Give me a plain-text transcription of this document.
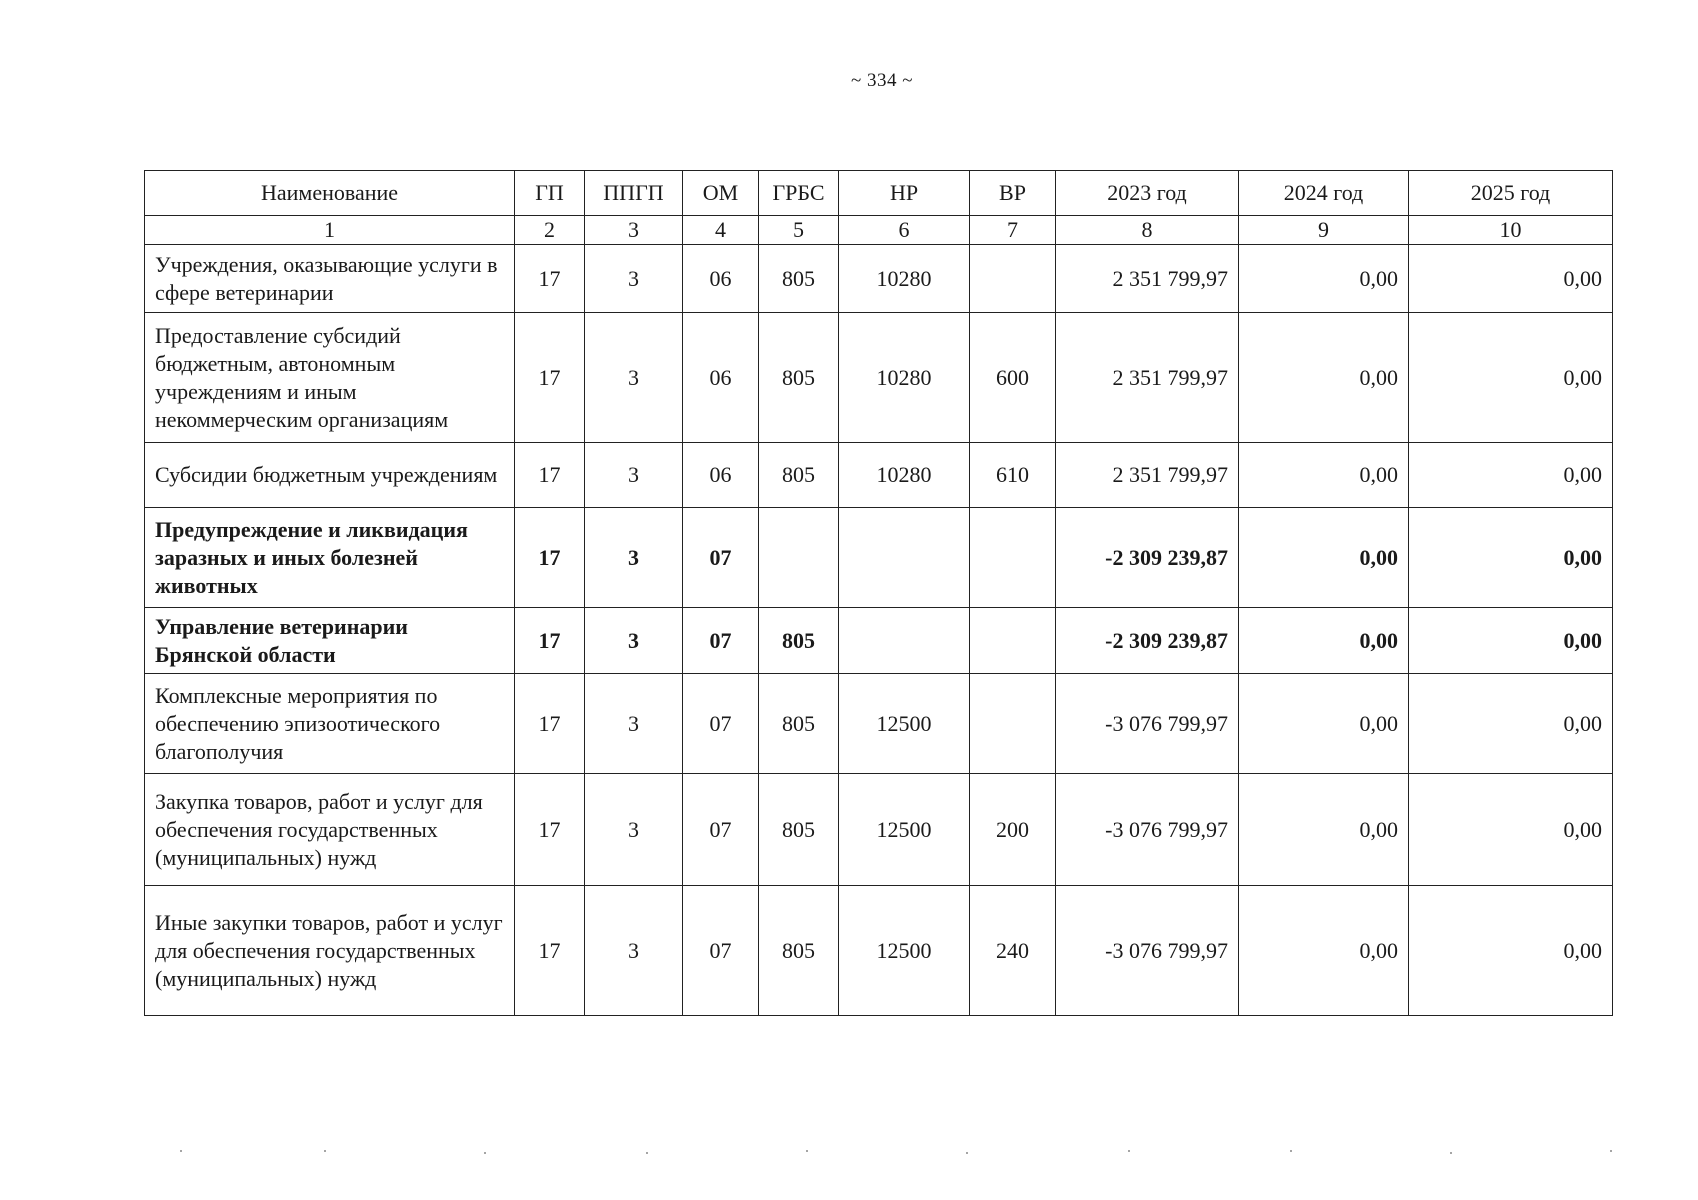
~ 334 ~
Наименование	ГП	ППГП	ОМ	ГРБС	НР	ВР	2023 год	2024 год	2025 год
1	2	3	4	5	6	7	8	9	10
Учреждения, оказывающие услуги в сфере ветеринарии	17	3	06	805	10280		2 351 799,97	0,00	0,00
Предоставление субсидий бюджетным, автономным учреждениям и иным некоммерческим организациям	17	3	06	805	10280	600	2 351 799,97	0,00	0,00
Субсидии бюджетным учреждениям	17	3	06	805	10280	610	2 351 799,97	0,00	0,00
Предупреждение и ликвидация заразных и иных болезней животных	17	3	07				-2 309 239,87	0,00	0,00
Управление ветеринарии Брянской области	17	3	07	805			-2 309 239,87	0,00	0,00
Комплексные мероприятия по обеспечению эпизоотического благополучия	17	3	07	805	12500		-3 076 799,97	0,00	0,00
Закупка товаров, работ и услуг для обеспечения государственных (муниципальных) нужд	17	3	07	805	12500	200	-3 076 799,97	0,00	0,00
Иные закупки товаров, работ и услуг для обеспечения государственных (муниципальных) нужд	17	3	07	805	12500	240	-3 076 799,97	0,00	0,00
